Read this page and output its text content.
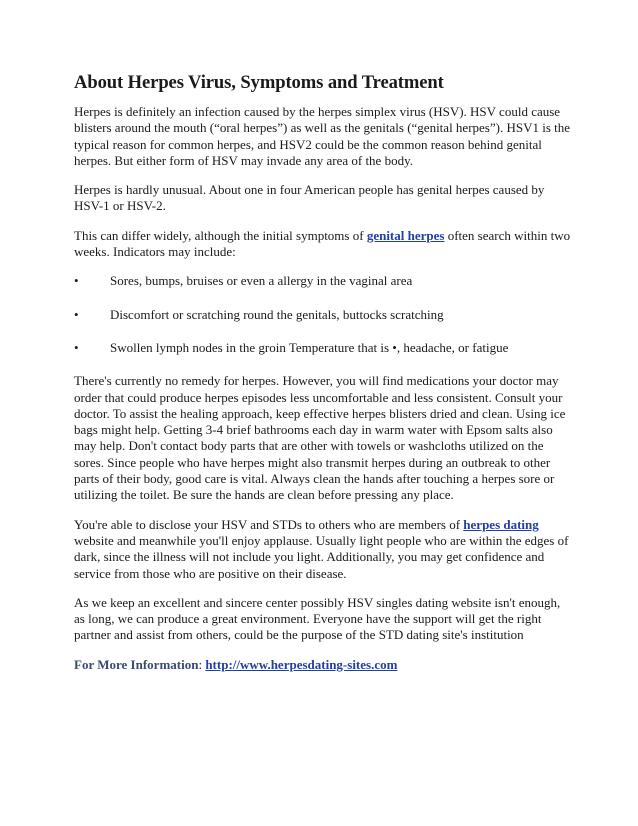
About Herpes Virus, Symptoms and Treatment

Herpes is definitely an infection caused by the herpes simplex virus (HSV). HSV could cause blisters around the mouth (“oral herpes”) as well as the genitals (“genital herpes”). HSV1 is the typical reason for common herpes, and HSV2 could be the common reason behind genital herpes. But either form of HSV may invade any area of the body.

Herpes is hardly unusual. About one in four American people has genital herpes caused by HSV-1 or HSV-2.

This can differ widely, although the initial symptoms of genital herpes often search within two weeks. Indicators may include:

•	Sores, bumps, bruises or even a allergy in the vaginal area
•	Discomfort or scratching round the genitals, buttocks scratching
•	Swollen lymph nodes in the groin Temperature that is •, headache, or fatigue

There's currently no remedy for herpes. However, you will find medications your doctor may order that could produce herpes episodes less uncomfortable and less consistent. Consult your doctor. To assist the healing approach, keep effective herpes blisters dried and clean. Using ice bags might help. Getting 3-4 brief bathrooms each day in warm water with Epsom salts also may help. Don't contact body parts that are other with towels or washcloths utilized on the sores. Since people who have herpes might also transmit herpes during an outbreak to other parts of their body, good care is vital. Always clean the hands after touching a herpes sore or utilizing the toilet. Be sure the hands are clean before pressing any place.

You're able to disclose your HSV and STDs to others who are members of herpes dating website and meanwhile you'll enjoy applause. Usually light people who are within the edges of dark, since the illness will not include you light. Additionally, you may get confidence and service from those who are positive on their disease.

As we keep an excellent and sincere center possibly HSV singles dating website isn't enough, as long, we can produce a great environment. Everyone have the support will get the right partner and assist from others, could be the purpose of the STD dating site's institution

For More Information: http://www.herpesdating-sites.com
